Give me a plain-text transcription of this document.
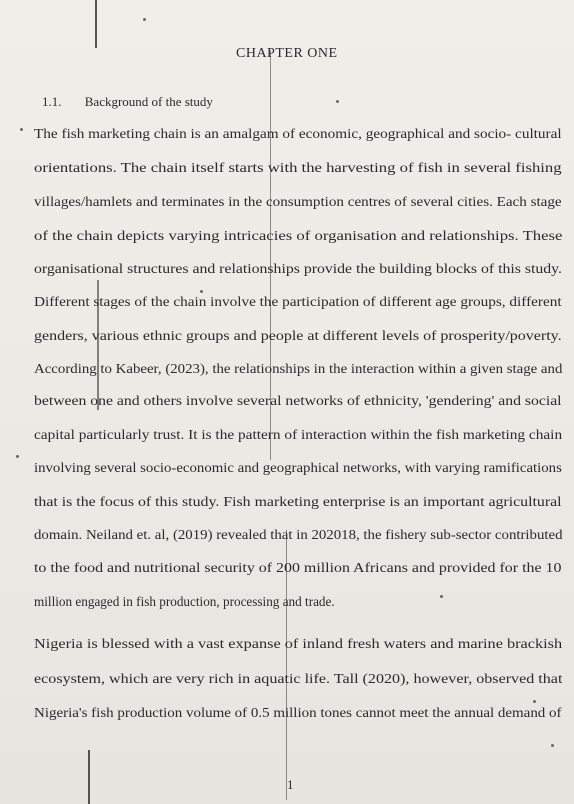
CHAPTER ONE
1.1. Background of the study
The fish marketing chain is an amalgam of economic, geographical and socio- cultural
orientations. The chain itself starts with the harvesting of fish in several fishing
villages/hamlets and terminates in the consumption centres of several cities. Each stage
of the chain depicts varying intricacies of organisation and relationships. These
organisational structures and relationships provide the building blocks of this study.
Different stages of the chain involve the participation of different age groups, different
genders, various ethnic groups and people at different levels of prosperity/poverty.
According to Kabeer, (2023), the relationships in the interaction within a given stage and
between one and others involve several networks of ethnicity, 'gendering' and social
capital particularly trust. It is the pattern of interaction within the fish marketing chain
involving several socio-economic and geographical networks, with varying ramifications
that is the focus of this study. Fish marketing enterprise is an important agricultural
domain. Neiland et. al, (2019) revealed that in 202018, the fishery sub-sector contributed
to the food and nutritional security of 200 million Africans and provided for the 10
million engaged in fish production, processing and trade.
Nigeria is blessed with a vast expanse of inland fresh waters and marine brackish
ecosystem, which are very rich in aquatic life. Tall (2020), however, observed that
Nigeria's fish production volume of 0.5 million tones cannot meet the annual demand of
1
